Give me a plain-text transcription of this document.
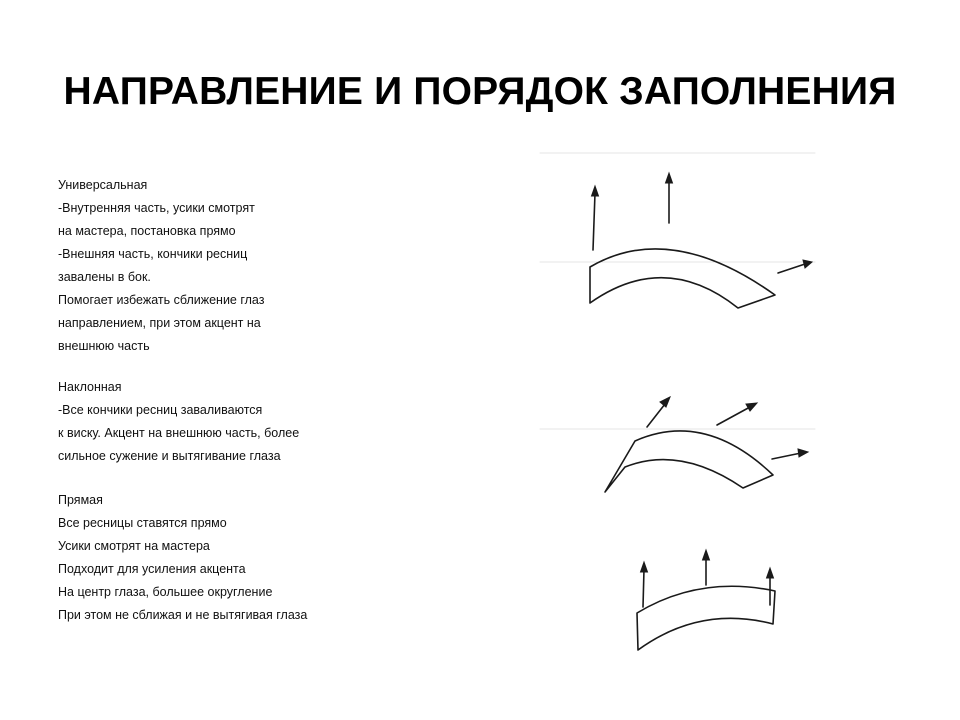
НАПРАВЛЕНИЕ И ПОРЯДОК ЗАПОЛНЕНИЯ
Универсальная
-Внутренняя часть, усики смотрят
на мастера, постановка прямо
-Внешняя часть, кончики ресниц
завалены в бок.
Помогает избежать сближение глаз
направлением, при этом акцент на
внешнюю часть
Наклонная
-Все кончики ресниц заваливаются
к виску. Акцент на внешнюю часть, более
сильное сужение и вытягивание глаза
Прямая
Все ресницы ставятся прямо
Усики смотрят на мастера
Подходит для усиления акцента
На центр глаза, большее округление
При этом не сближая и не вытягивая глаза
